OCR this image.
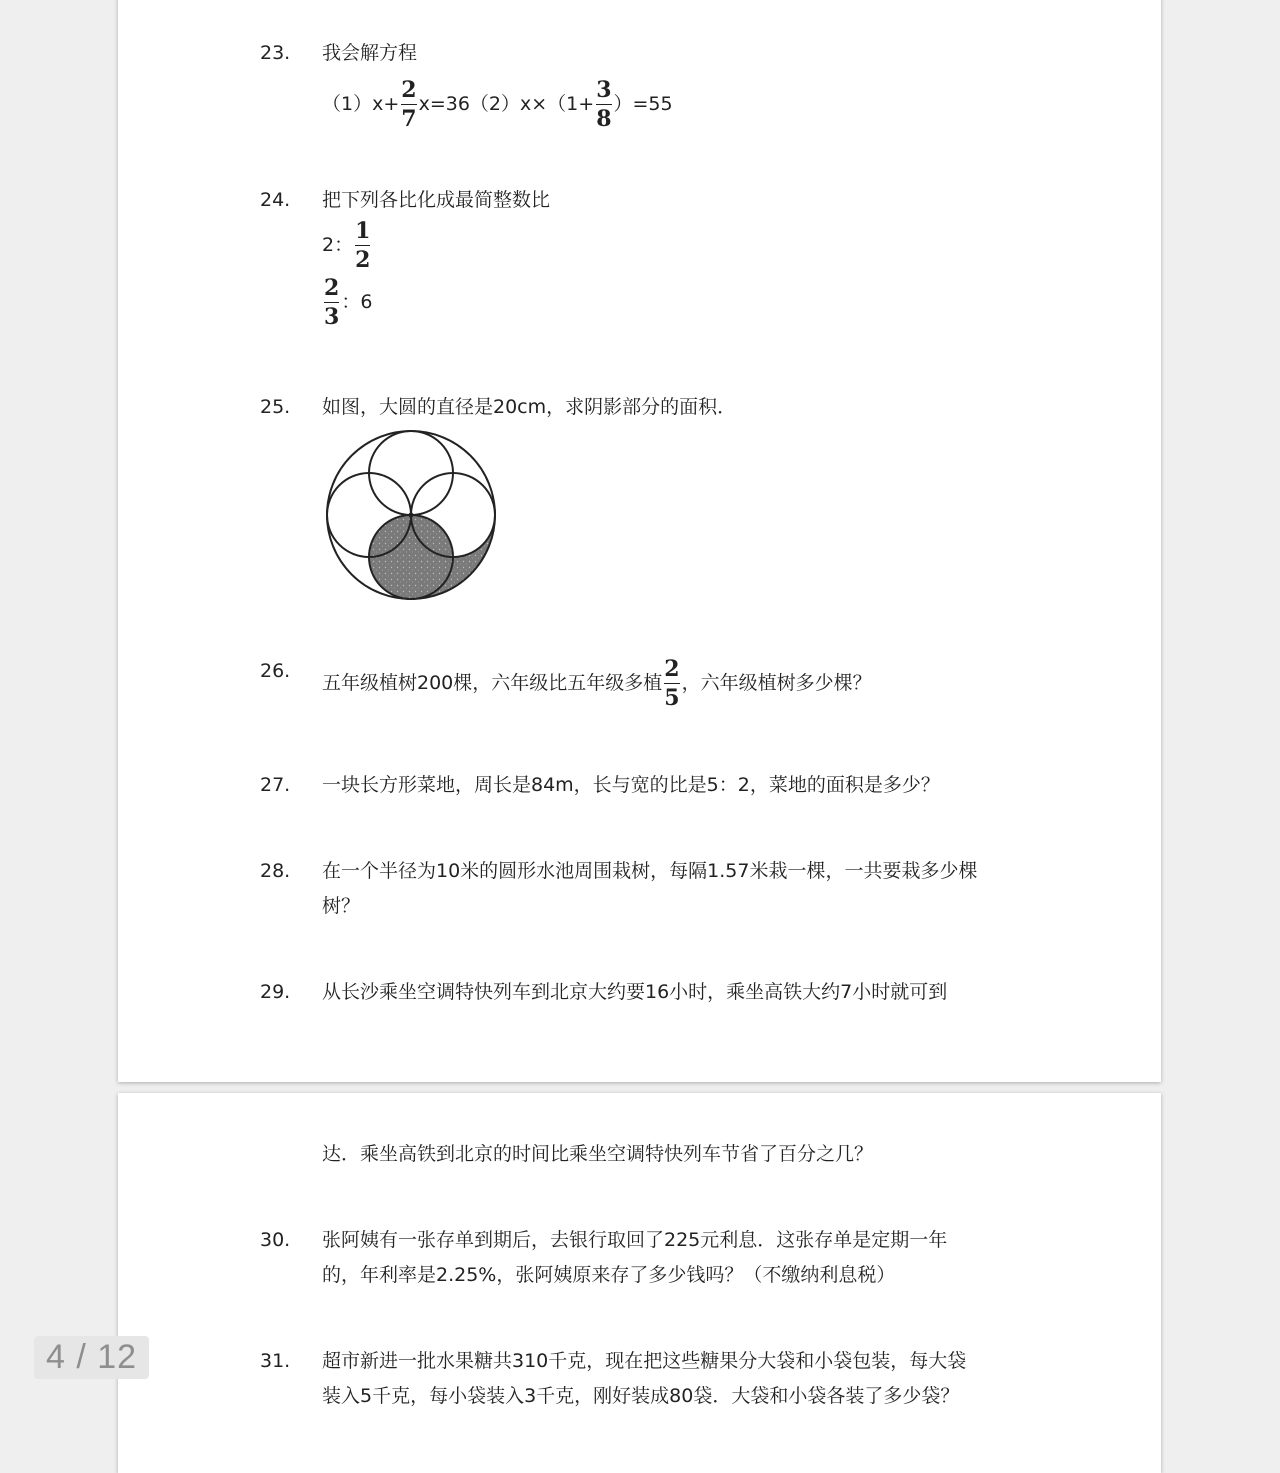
23.	我会解方程
$(1)x+ \frac{2}{7} x=36(2)x\times(1+ \frac{3}{8} )=55$
24.	把下列各比化成最简整数比
2： $\frac{1}{2}$
$\frac{2}{3}$ ：6
25.	如图，大圆的直径是20cm，求阴影部分的面积．
26.
五年级植树200棵，六年级比五年级多植 $\frac{2}{5}$ ，六年级植树多少棵？
27.	一块长方形菜地，周长是84m，长与宽的比是5：2，菜地的面积是多少？
28.	在一个半径为10米的圆形水池周围栽树，每隔1.57米栽一棵，一共要栽多少棵
树？
29.	从长沙乘坐空调特快列车到北京大约要16小时，乘坐高铁大约7小时就可到
达．乘坐高铁到北京的时间比乘坐空调特快列车节省了百分之几？
30.	张阿姨有一张存单到期后，去银行取回了225元利息．这张存单是定期一年
的，年利率是2.25%，张阿姨原来存了多少钱吗？（不缴纳利息税）
31.	超市新进一批水果糖共310千克，现在把这些糖果分大袋和小袋包装，每大袋
装入5千克，每小袋装入3千克，刚好装成80袋．大袋和小袋各装了多少袋？
4 / 12
